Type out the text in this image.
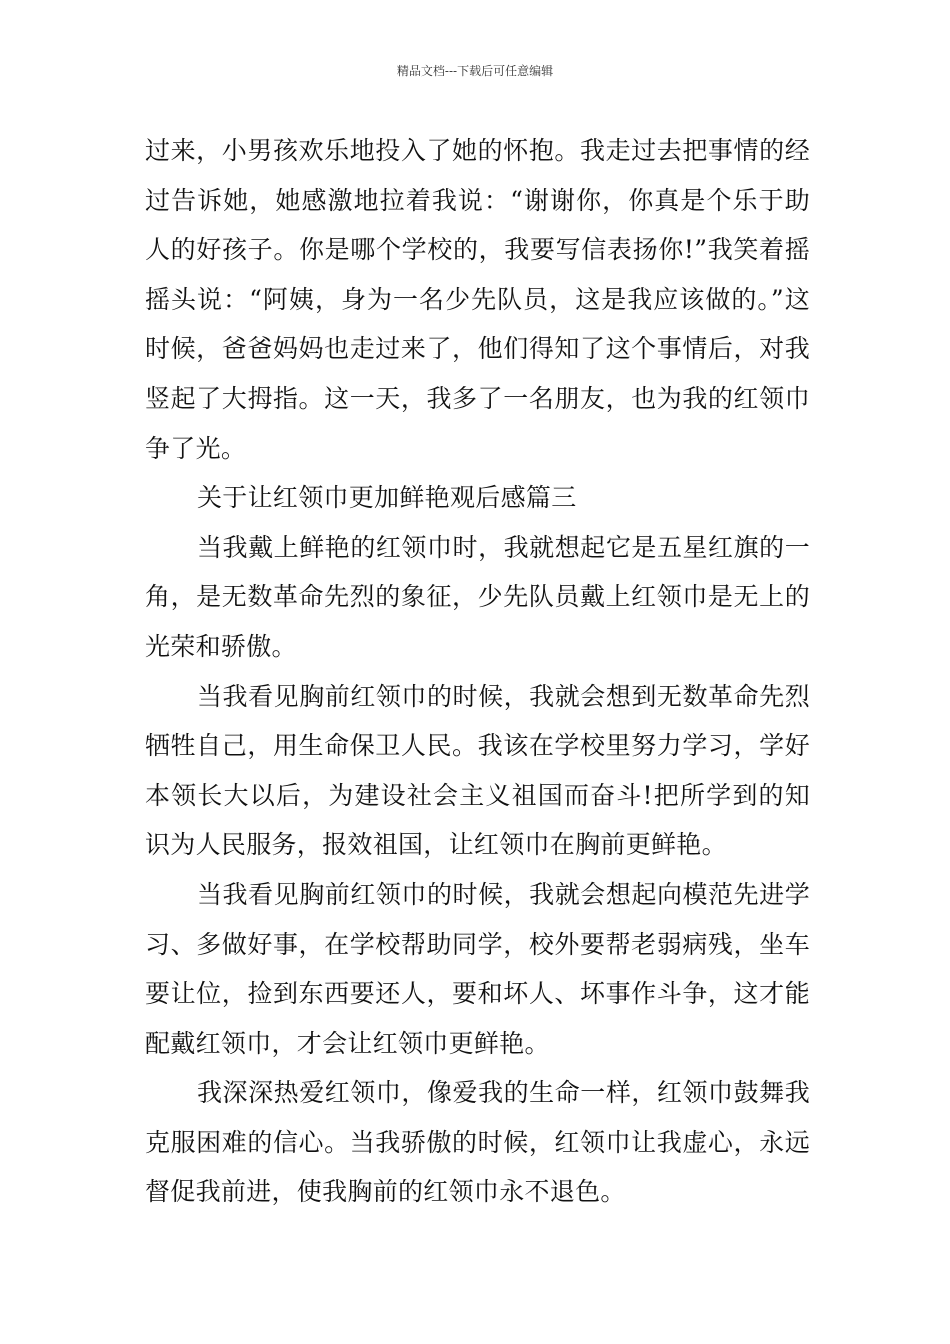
精品文档---下载后可任意编辑

过来，小男孩欢乐地投入了她的怀抱。我走过去把事情的经过告诉她，她感激地拉着我说：“谢谢你，你真是个乐于助人的好孩子。你是哪个学校的，我要写信表扬你!”我笑着摇摇头说：“阿姨，身为一名少先队员，这是我应该做的。”这时候，爸爸妈妈也走过来了，他们得知了这个事情后，对我竖起了大拇指。这一天，我多了一名朋友，也为我的红领巾争了光。

关于让红领巾更加鲜艳观后感篇三

当我戴上鲜艳的红领巾时，我就想起它是五星红旗的一角，是无数革命先烈的象征，少先队员戴上红领巾是无上的光荣和骄傲。

当我看见胸前红领巾的时候，我就会想到无数革命先烈牺牲自己，用生命保卫人民。我该在学校里努力学习，学好本领长大以后，为建设社会主义祖国而奋斗!把所学到的知识为人民服务，报效祖国，让红领巾在胸前更鲜艳。

当我看见胸前红领巾的时候，我就会想起向模范先进学习、多做好事，在学校帮助同学，校外要帮老弱病残，坐车要让位，捡到东西要还人，要和坏人、坏事作斗争，这才能配戴红领巾，才会让红领巾更鲜艳。

我深深热爱红领巾，像爱我的生命一样，红领巾鼓舞我克服困难的信心。当我骄傲的时候，红领巾让我虚心，永远督促我前进，使我胸前的红领巾永不退色。
